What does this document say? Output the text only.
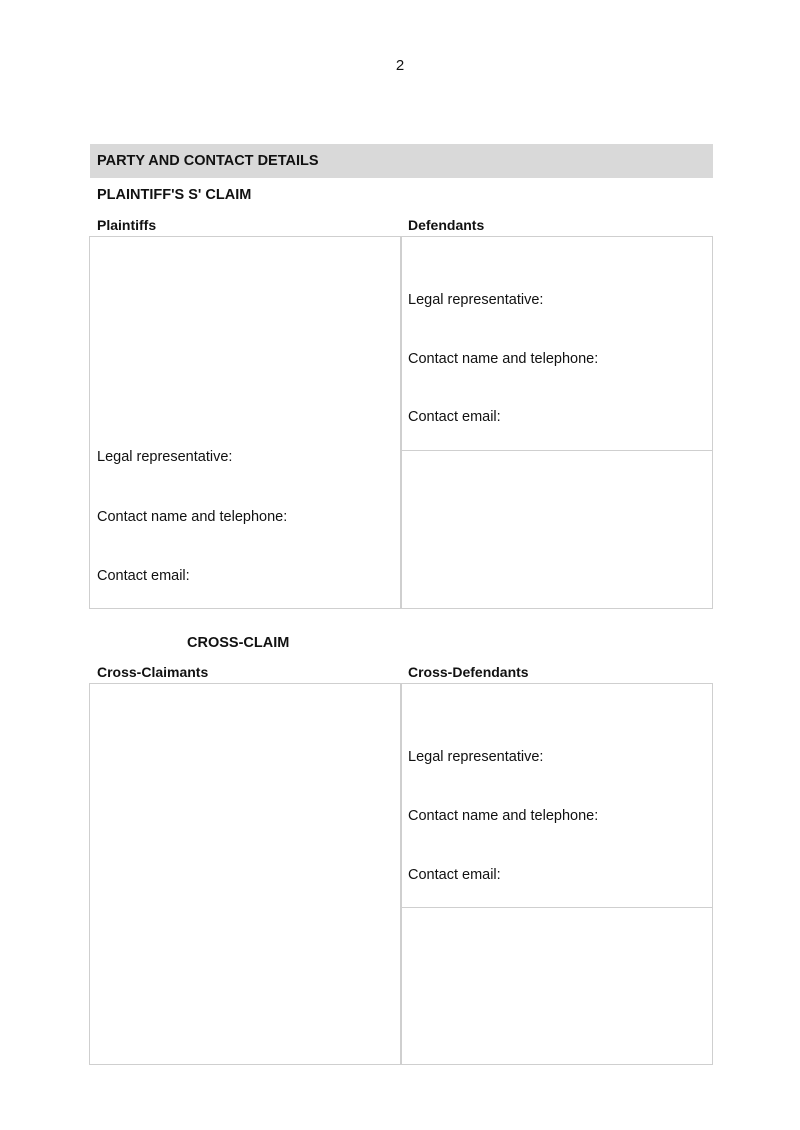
2
PARTY AND CONTACT DETAILS
PLAINTIFF'S S' CLAIM
Plaintiffs	Defendants
Legal representative:
Contact name and telephone:
Contact email:
Legal representative:
Contact name and telephone:
Contact email:
CROSS-CLAIM
Cross-Claimants	Cross-Defendants
Legal representative:
Contact name and telephone:
Contact email:
